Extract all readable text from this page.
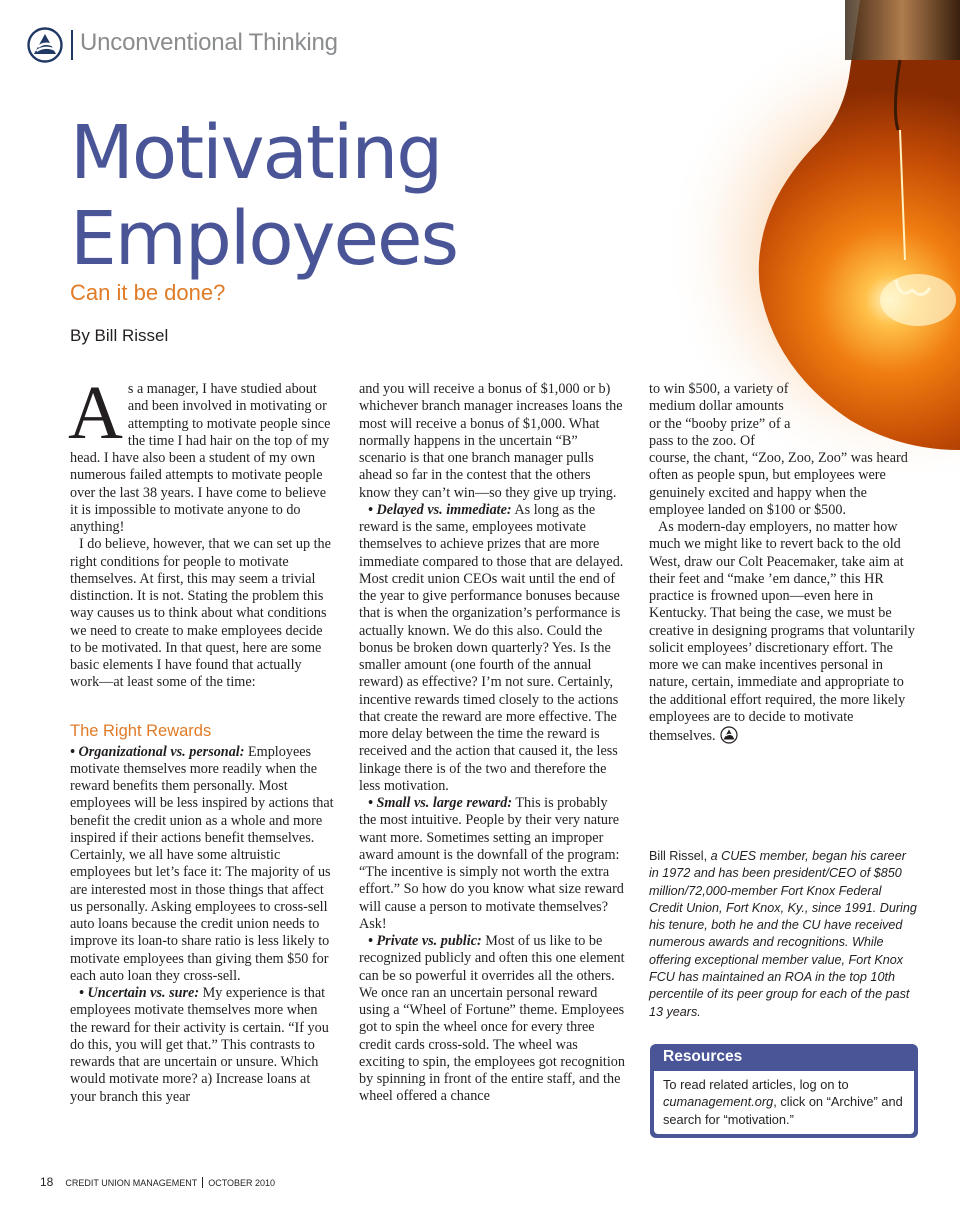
Unconventional Thinking
Motivating
Employees
Can it be done?
By Bill Rissel

As a manager, I have studied about and been involved in motivating or attempting to motivate people since the time I had hair on the top of my head. I have also been a student of my own numerous failed attempts to motivate people over the last 38 years. I have come to believe it is impossible to motivate anyone to do anything!

I do believe, however, that we can set up the right conditions for people to motivate themselves. At first, this may seem a trivial distinction. It is not. Stating the problem this way causes us to think about what conditions we need to create to make employees decide to be motivated. In that quest, here are some basic elements I have found that actually work—at least some of the time:

The Right Rewards

• Organizational vs. personal: Employees motivate themselves more readily when the reward benefits them personally. Most employees will be less inspired by actions that benefit the credit union as a whole and more inspired if their actions benefit themselves. Certainly, we all have some altruistic employees but let’s face it: The majority of us are interested most in those things that affect us personally. Asking employees to cross-sell auto loans because the credit union needs to improve its loan-to share ratio is less likely to motivate employees than giving them $50 for each auto loan they cross-sell.

• Uncertain vs. sure: My experience is that employees motivate themselves more when the reward for their activity is certain. “If you do this, you will get that.” This contrasts to rewards that are uncertain or unsure. Which would motivate more? a) Increase loans at your branch this year

and you will receive a bonus of $1,000 or b) whichever branch manager increases loans the most will receive a bonus of $1,000. What normally happens in the uncertain “B” scenario is that one branch manager pulls ahead so far in the contest that the others know they can’t win—so they give up trying.

• Delayed vs. immediate: As long as the reward is the same, employees motivate themselves to achieve prizes that are more immediate compared to those that are delayed. Most credit union CEOs wait until the end of the year to give performance bonuses because that is when the organization’s performance is actually known. We do this also. Could the bonus be broken down quarterly? Yes. Is the smaller amount (one fourth of the annual reward) as effective? I’m not sure. Certainly, incentive rewards timed closely to the actions that create the reward are more effective. The more delay between the time the reward is received and the action that caused it, the less linkage there is of the two and therefore the less motivation.

• Small vs. large reward: This is probably the most intuitive. People by their very nature want more. Sometimes setting an improper award amount is the downfall of the program: “The incentive is simply not worth the extra effort.” So how do you know what size reward will cause a person to motivate themselves? Ask!

• Private vs. public: Most of us like to be recognized publicly and often this one element can be so powerful it overrides all the others. We once ran an uncertain personal reward using a “Wheel of Fortune” theme. Employees got to spin the wheel once for every three credit cards cross-sold. The wheel was exciting to spin, the employees got recognition by spinning in front of the entire staff, and the wheel offered a chance

to win $500, a variety of medium dollar amounts or the “booby prize” of a pass to the zoo. Of

course, the chant, “Zoo, Zoo, Zoo” was heard often as people spun, but employees were genuinely excited and happy when the employee landed on $100 or $500.

As modern-day employers, no matter how much we might like to revert back to the old West, draw our Colt Peacemaker, take aim at their feet and “make ’em dance,” this HR practice is frowned upon—even here in Kentucky. That being the case, we must be creative in designing programs that voluntarily solicit employees’ discretionary effort. The more we can make incentives personal in nature, certain, immediate and appropriate to the additional effort required, the more likely employees are to decide to motivate themselves.

Bill Rissel, a CUES member, began his career in 1972 and has been president/CEO of $850 million/72,000-member Fort Knox Federal Credit Union, Fort Knox, Ky., since 1991. During his tenure, both he and the CU have received numerous awards and recognitions. While offering exceptional member value, Fort Knox FCU has maintained an ROA in the top 10th percentile of its peer group for each of the past 13 years.
Resources
To read related articles, log on to cumanagement.org, click on “Archive” and search for “motivation.”
18 CREDIT UNION MANAGEMENT OCTOBER 2010
